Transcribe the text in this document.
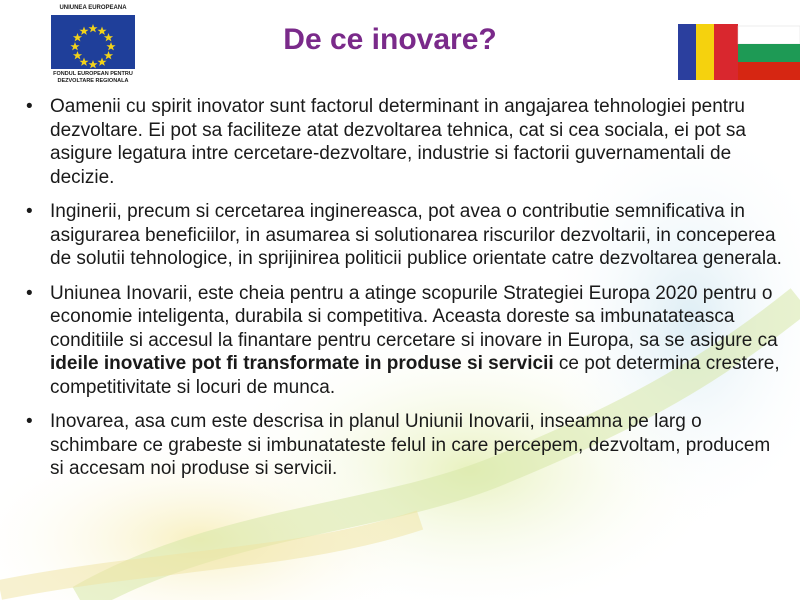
UNIUNEA EUROPEANA
FONDUL EUROPEAN PENTRU
DEZVOLTARE REGIONALA
De ce inovare?

• Oamenii cu spirit inovator sunt factorul determinant in angajarea tehnologiei pentru dezvoltare. Ei pot sa faciliteze atat dezvoltarea tehnica, cat si cea sociala, ei pot sa asigure legatura intre cercetare-dezvoltare, industrie si factorii guvernamentali de decizie.

• Inginerii, precum si cercetarea inginereasca, pot avea o contributie semnificativa in asigurarea beneficiilor, in asumarea si solutionarea riscurilor dezvoltarii, in conceperea de solutii tehnologice, in sprijinirea politicii publice orientate catre dezvoltarea generala.

• Uniunea Inovarii, este cheia pentru a atinge scopurile Strategiei Europa 2020 pentru o economie inteligenta, durabila si competitiva. Aceasta doreste sa imbunatateasca conditiile si accesul la finantare pentru cercetare si inovare in Europa, sa se asigure ca ideile inovative pot fi transformate in produse si servicii ce pot determina crestere, competitivitate si locuri de munca.

• Inovarea, asa cum este descrisa in planul Uniunii Inovarii, inseamna pe larg o schimbare ce grabeste si imbunatateste felul in care percepem, dezvoltam, producem si accesam noi produse si servicii.
